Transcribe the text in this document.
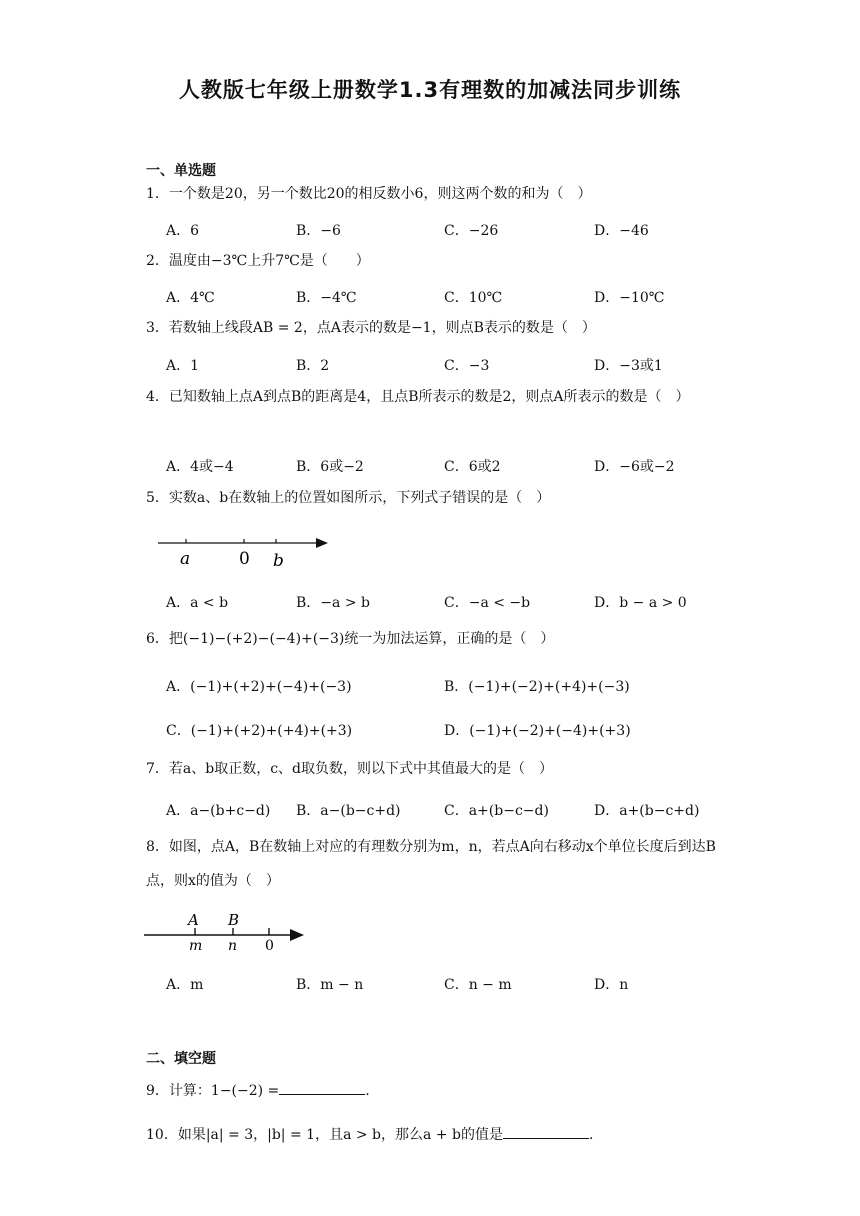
人教版七年级上册数学1.3有理数的加减法同步训练
一、单选题
1．一个数是20，另一个数比20的相反数小6，则这两个数的和为（　）
A．6	B．−6	C．−26	D．−46
2．温度由−3℃上升7℃是（　　）
A．4℃	B．−4℃	C．10℃	D．−10℃
3．若数轴上线段AB = 2，点A表示的数是−1，则点B表示的数是（　）
A．1	B．2	C．−3	D．−3或1
4．已知数轴上点A到点B的距离是4，且点B所表示的数是2，则点A所表示的数是（　）
A．4或−4	B．6或−2	C．6或2	D．−6或−2
5．实数a、b在数轴上的位置如图所示，下列式子错误的是（　）
a	0 b
A．a < b	B．−a > b	C．−a < −b	D．b − a > 0
6．把(−1)−(+2)−(−4)+(−3)统一为加法运算，正确的是（　）
A．(−1)+(+2)+(−4)+(−3)	B．(−1)+(−2)+(+4)+(−3)
C．(−1)+(+2)+(+4)+(+3)	D．(−1)+(−2)+(−4)+(+3)
7．若a、b取正数，c、d取负数，则以下式中其值最大的是（　）
A．a−(b+c−d) B．a−(b−c+d)	C．a+(b−c−d)	D．a+(b−c+d)
8．如图，点A，B在数轴上对应的有理数分别为m，n，若点A向右移动x个单位长度后到达B点，则x的值为（　）
A B
m n 0
A．m	B．m − n	C．n − m	D．n
二、填空题
9．计算：1−(−2) =	.
10．如果|a| = 3，|b| = 1，且a > b，那么a + b的值是	.
